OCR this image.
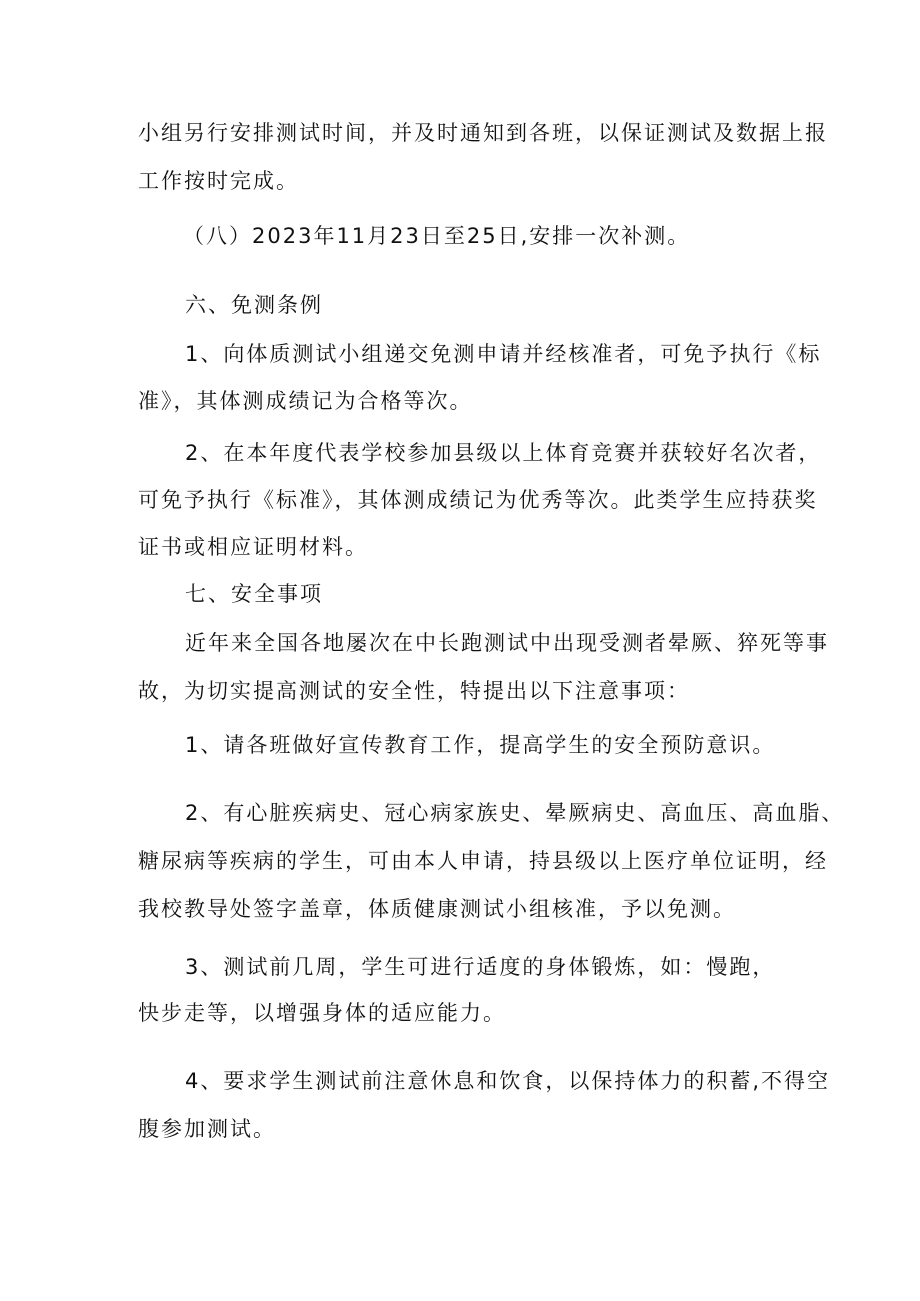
小组另行安排测试时间，并及时通知到各班，以保证测试及数据上报
工作按时完成。
（八）2023年11月23日至25日,安排一次补测。
六、免测条例
1、向体质测试小组递交免测申请并经核准者，可免予执行《标
准》，其体测成绩记为合格等次。
2、在本年度代表学校参加县级以上体育竞赛并获较好名次者，
可免予执行《标准》，其体测成绩记为优秀等次。此类学生应持获奖
证书或相应证明材料。
七、安全事项
近年来全国各地屡次在中长跑测试中出现受测者晕厥、猝死等事
故，为切实提高测试的安全性，特提出以下注意事项：
1、请各班做好宣传教育工作，提高学生的安全预防意识。
2、有心脏疾病史、冠心病家族史、晕厥病史、高血压、高血脂、
糖尿病等疾病的学生，可由本人申请，持县级以上医疗单位证明，经
我校教导处签字盖章，体质健康测试小组核准，予以免测。
3、测试前几周，学生可进行适度的身体锻炼，如：慢跑，
快步走等，以增强身体的适应能力。
4、要求学生测试前注意休息和饮食，以保持体力的积蓄,不得空
腹参加测试。
